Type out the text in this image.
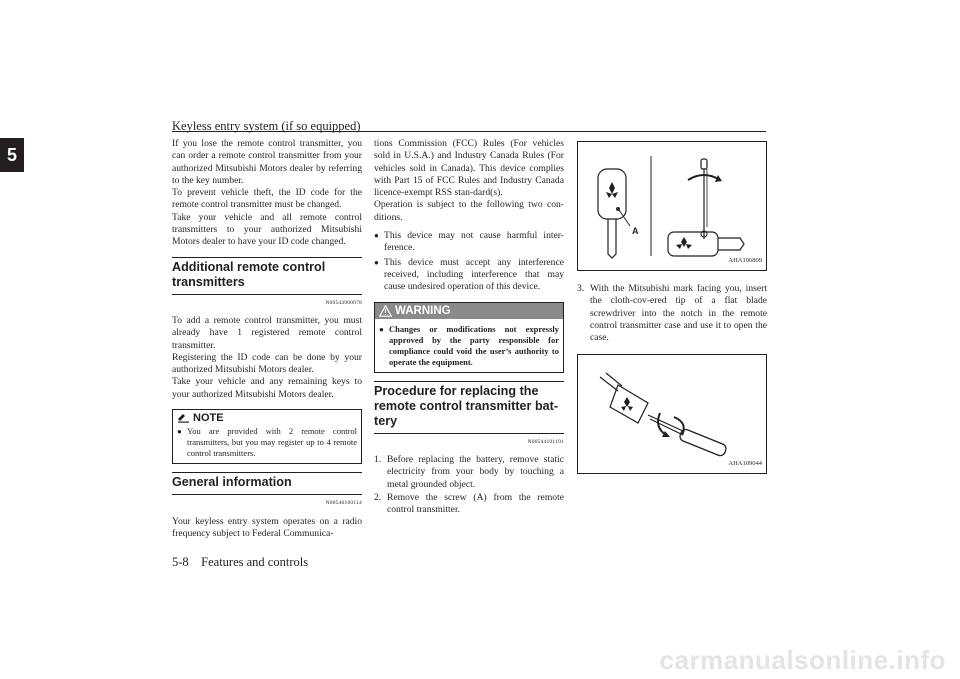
Keyless entry system (if so equipped)
5

If you lose the remote control transmitter, you can order a remote control transmitter from your authorized Mitsubishi Motors dealer by referring to the key number.

To prevent vehicle theft, the ID code for the remote control transmitter must be changed.

Take your vehicle and all remote control transmitters to your authorized Mitsubishi Motors dealer to have your ID code changed.

Additional remote control transmitters
N00543900078

To add a remote control transmitter, you must already have 1 registered remote control transmitter.

Registering the ID code can be done by your authorized Mitsubishi Motors dealer.

Take your vehicle and any remaining keys to your authorized Mitsubishi Motors dealer.

NOTE
● You are provided with 2 remote control transmitters, but you may register up to 4 remote control transmitters.
General information
N00546100114

Your keyless entry system operates on a radio frequency subject to Federal Communica-

tions Commission (FCC) Rules (For vehicles sold in U.S.A.) and Industry Canada Rules (For vehicles sold in Canada). This device complies with Part 15 of FCC Rules and Industry Canada licence-exempt RSS stan-dard(s).

Operation is subject to the following two con-ditions.

● This device may not cause harmful inter-ference.
● This device must accept any interference received, including interference that may cause undesired operation of this device.
WARNING
● Changes or modifications not expressly approved by the party responsible for compliance could void the user’s authority to operate the equipment.
Procedure for replacing the remote control transmitter bat-tery
N00544101191
1. Before replacing the battery, remove static electricity from your body by touching a metal grounded object.
2. Remove the screw (A) from the remote control transmitter.
A
AHA106809
3. With the Mitsubishi mark facing you, insert the cloth-cov-ered tip of a flat blade screwdriver into the notch in the remote control transmitter case and use it to open the case.
AHA109044
5-8    Features and controls
carmanualsonline.info
